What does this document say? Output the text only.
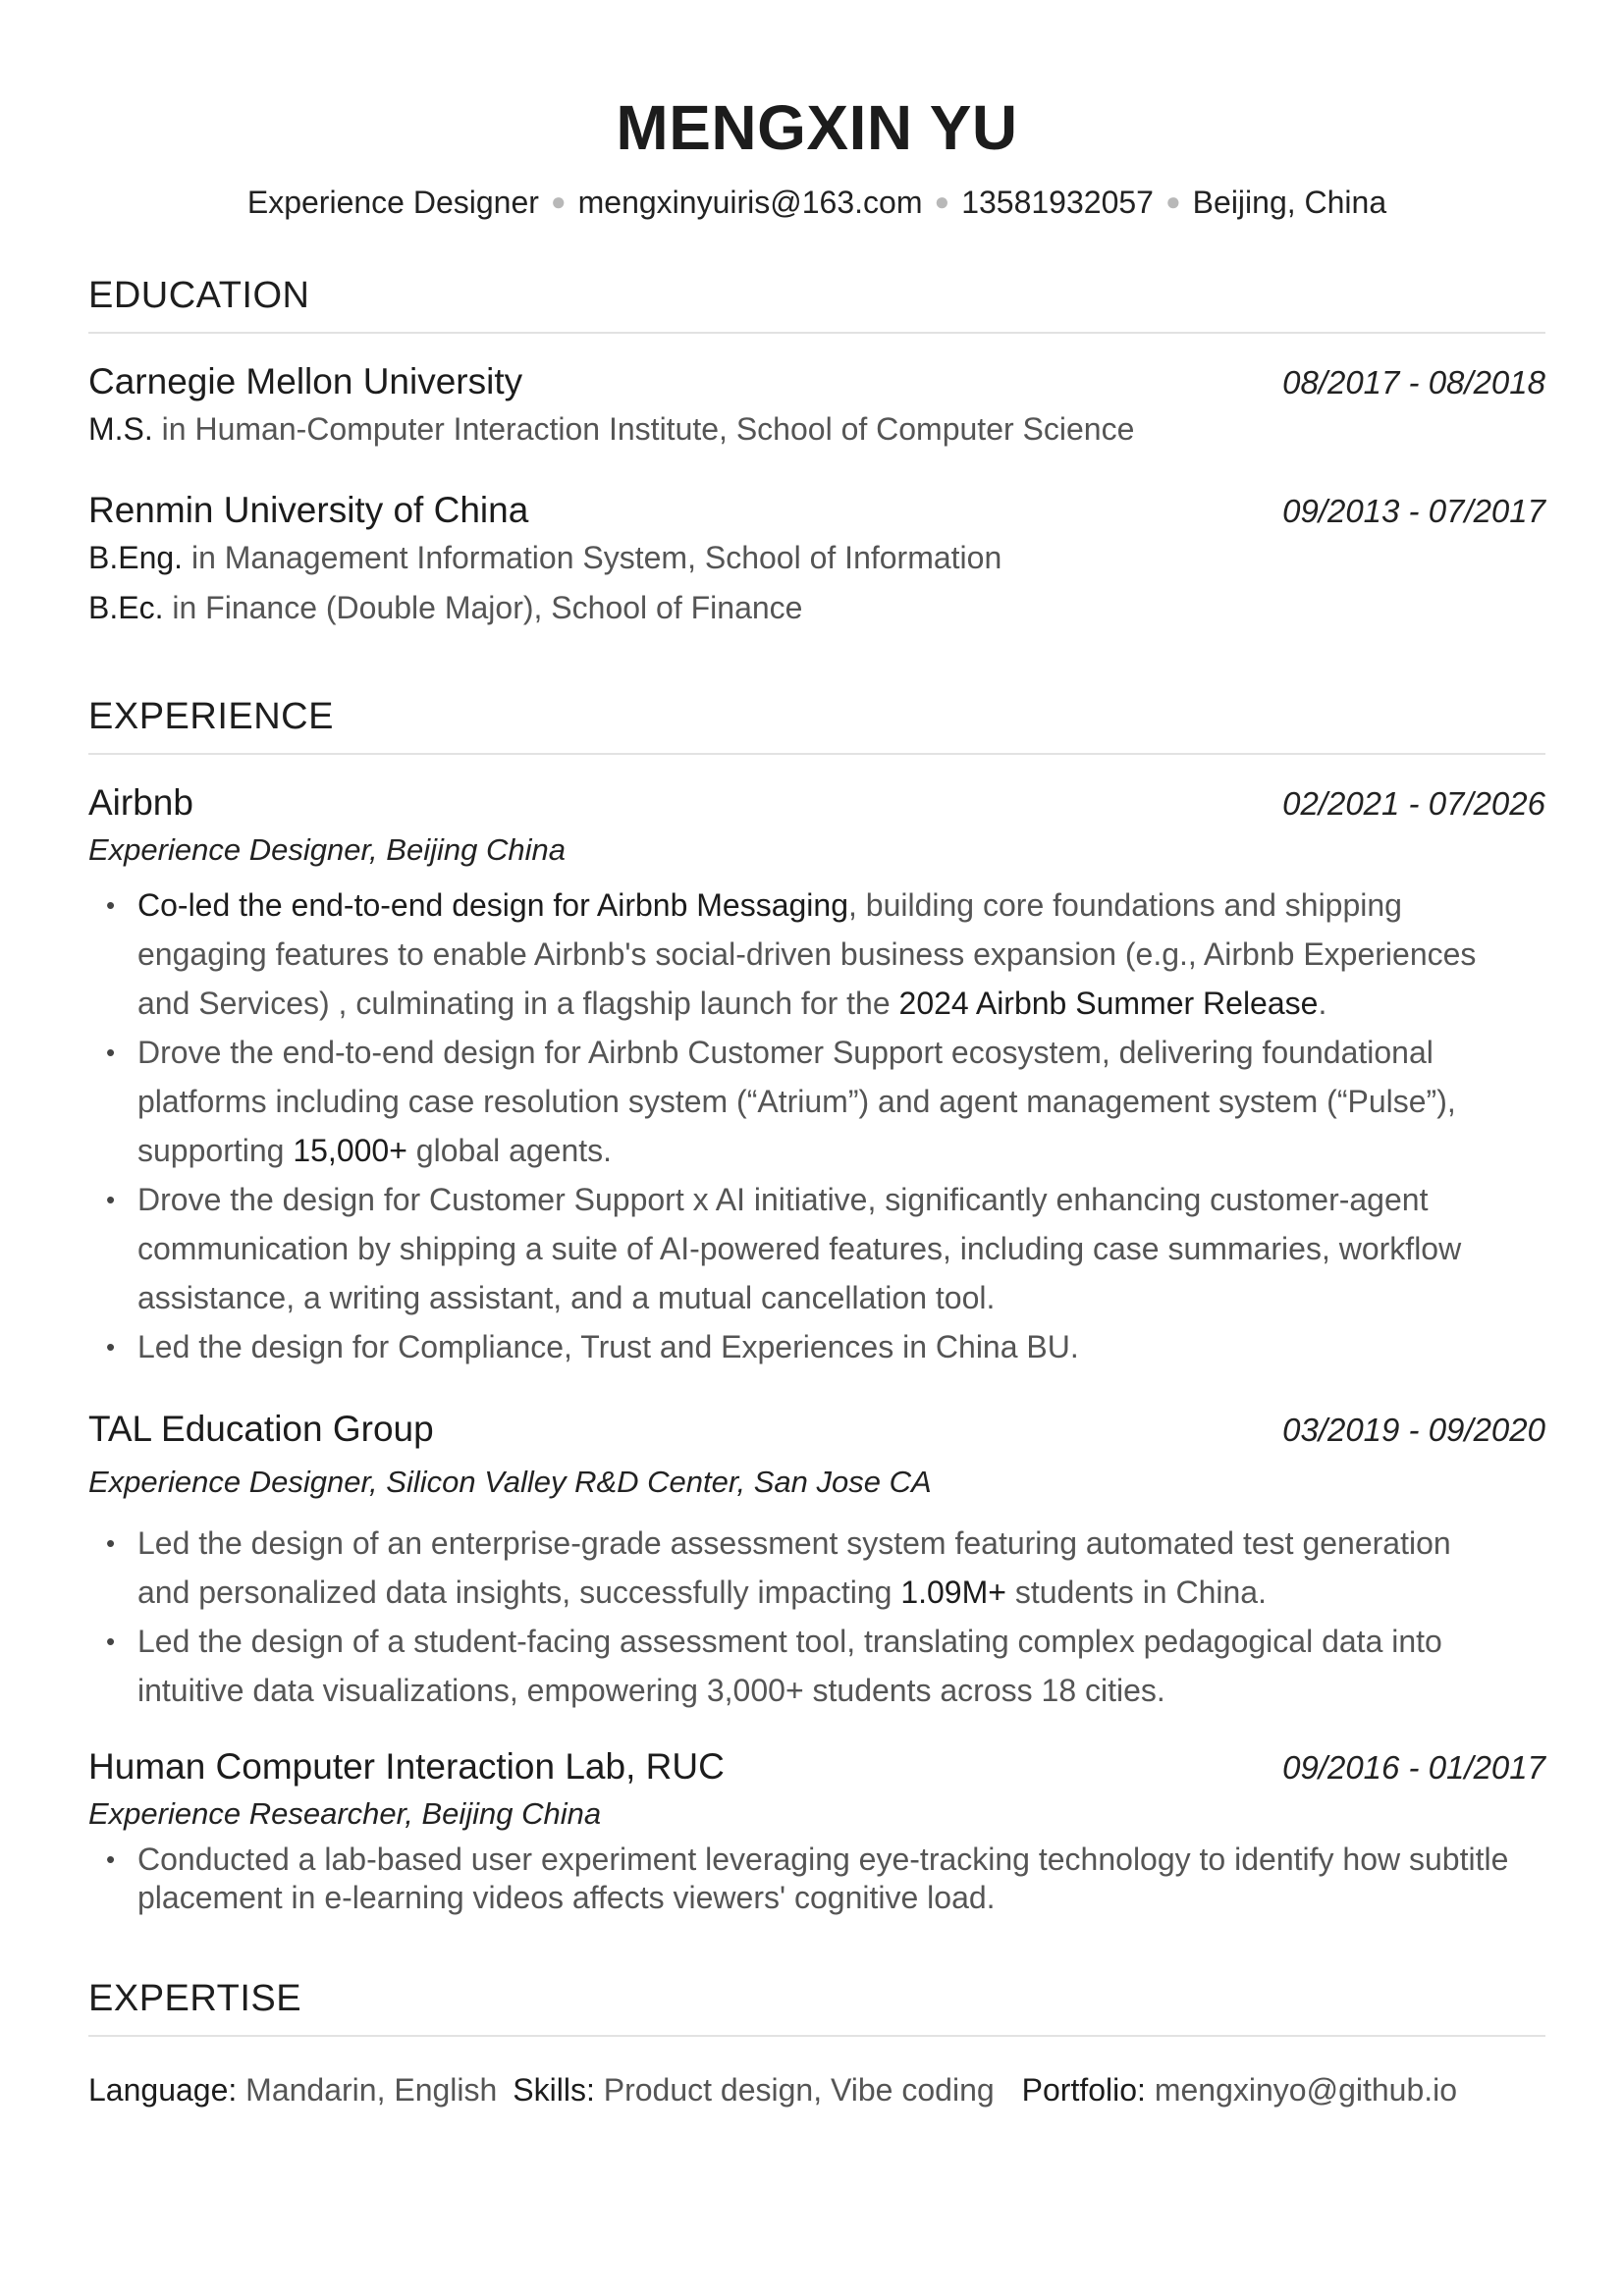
MENGXIN YU
Experience Designer ● mengxinyuiris@163.com ● 13581932057 ● Beijing, China
EDUCATION
Carnegie Mellon University	08/2017 - 08/2018
M.S. in Human-Computer Interaction Institute, School of Computer Science
Renmin University of China	09/2013 - 07/2017
B.Eng. in Management Information System, School of Information
B.Ec. in Finance (Double Major), School of Finance
EXPERIENCE
Airbnb	02/2021 - 07/2026
Experience Designer, Beijing China
• Co-led the end-to-end design for Airbnb Messaging, building core foundations and shipping engaging features to enable Airbnb's social-driven business expansion (e.g., Airbnb Experiences and Services) , culminating in a flagship launch for the 2024 Airbnb Summer Release.
• Drove the end-to-end design for Airbnb Customer Support ecosystem, delivering foundational platforms including case resolution system (“Atrium”) and agent management system (“Pulse”), supporting 15,000+ global agents.
• Drove the design for Customer Support x AI initiative, significantly enhancing customer-agent communication by shipping a suite of AI-powered features, including case summaries, workflow assistance, a writing assistant, and a mutual cancellation tool.
• Led the design for Compliance, Trust and Experiences in China BU.
TAL Education Group	03/2019 - 09/2020
Experience Designer, Silicon Valley R&D Center, San Jose CA
• Led the design of an enterprise-grade assessment system featuring automated test generation and personalized data insights, successfully impacting 1.09M+ students in China.
• Led the design of a student-facing assessment tool, translating complex pedagogical data into intuitive data visualizations, empowering 3,000+ students across 18 cities.
Human Computer Interaction Lab, RUC	09/2016 - 01/2017
Experience Researcher, Beijing China
• Conducted a lab-based user experiment leveraging eye-tracking technology to identify how subtitle placement in e-learning videos affects viewers' cognitive load.
EXPERTISE
Language: Mandarin, English Skills: Product design, Vibe coding Portfolio: mengxinyo@github.io
